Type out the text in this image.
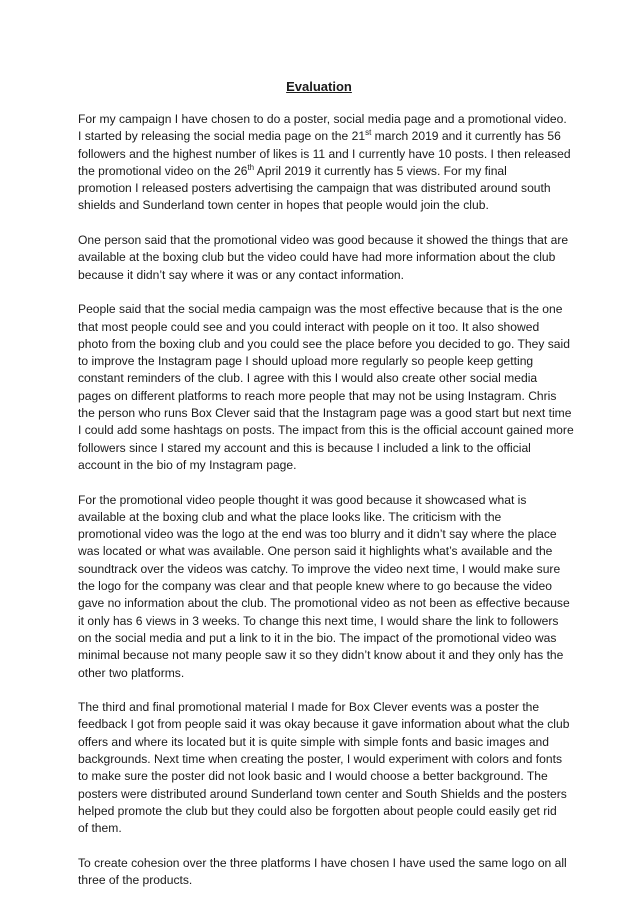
Evaluation
For my campaign I have chosen to do a poster, social media page and a promotional video.
I started by releasing the social media page on the 21st march 2019 and it currently has 56
followers and the highest number of likes is 11 and I currently have 10 posts. I then released
the promotional video on the 26th April 2019 it currently has 5 views. For my final
promotion I released posters advertising the campaign that was distributed around south
shields and Sunderland town center in hopes that people would join the club.
One person said that the promotional video was good because it showed the things that are
available at the boxing club but the video could have had more information about the club
because it didn’t say where it was or any contact information.
People said that the social media campaign was the most effective because that is the one
that most people could see and you could interact with people on it too. It also showed
photo from the boxing club and you could see the place before you decided to go. They said
to improve the Instagram page I should upload more regularly so people keep getting
constant reminders of the club. I agree with this I would also create other social media
pages on different platforms to reach more people that may not be using Instagram. Chris
the person who runs Box Clever said that the Instagram page was a good start but next time
I could add some hashtags on posts. The impact from this is the official account gained more
followers since I stared my account and this is because I included a link to the official
account in the bio of my Instagram page.
For the promotional video people thought it was good because it showcased what is
available at the boxing club and what the place looks like. The criticism with the
promotional video was the logo at the end was too blurry and it didn’t say where the place
was located or what was available. One person said it highlights what’s available and the
soundtrack over the videos was catchy. To improve the video next time, I would make sure
the logo for the company was clear and that people knew where to go because the video
gave no information about the club. The promotional video as not been as effective because
it only has 6 views in 3 weeks. To change this next time, I would share the link to followers
on the social media and put a link to it in the bio. The impact of the promotional video was
minimal because not many people saw it so they didn’t know about it and they only has the
other two platforms.
The third and final promotional material I made for Box Clever events was a poster the
feedback I got from people said it was okay because it gave information about what the club
offers and where its located but it is quite simple with simple fonts and basic images and
backgrounds. Next time when creating the poster, I would experiment with colors and fonts
to make sure the poster did not look basic and I would choose a better background. The
posters were distributed around Sunderland town center and South Shields and the posters
helped promote the club but they could also be forgotten about people could easily get rid
of them.
To create cohesion over the three platforms I have chosen I have used the same logo on all
three of the products.
